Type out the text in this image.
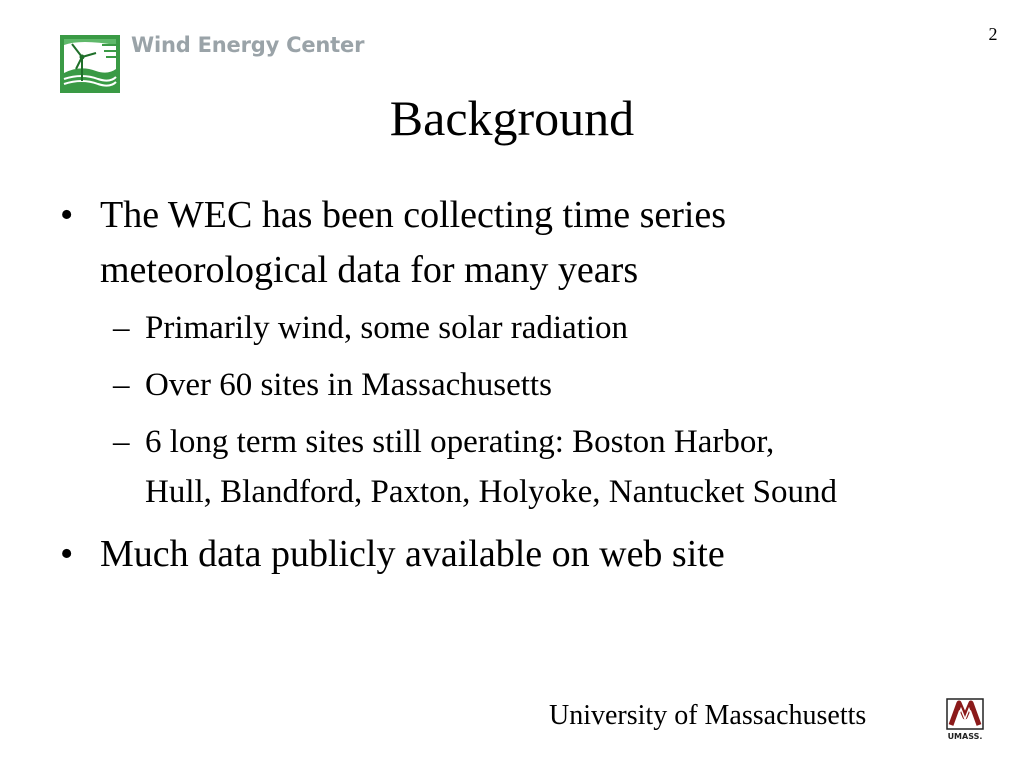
Wind Energy Center	2
Background
• The WEC has been collecting time series
meteorological data for many years
– Primarily wind, some solar radiation
– Over 60 sites in Massachusetts
– 6 long term sites still operating: Boston Harbor,
Hull, Blandford, Paxton, Holyoke, Nantucket Sound
• Much data publicly available on web site
University of Massachusetts
UMASS.
